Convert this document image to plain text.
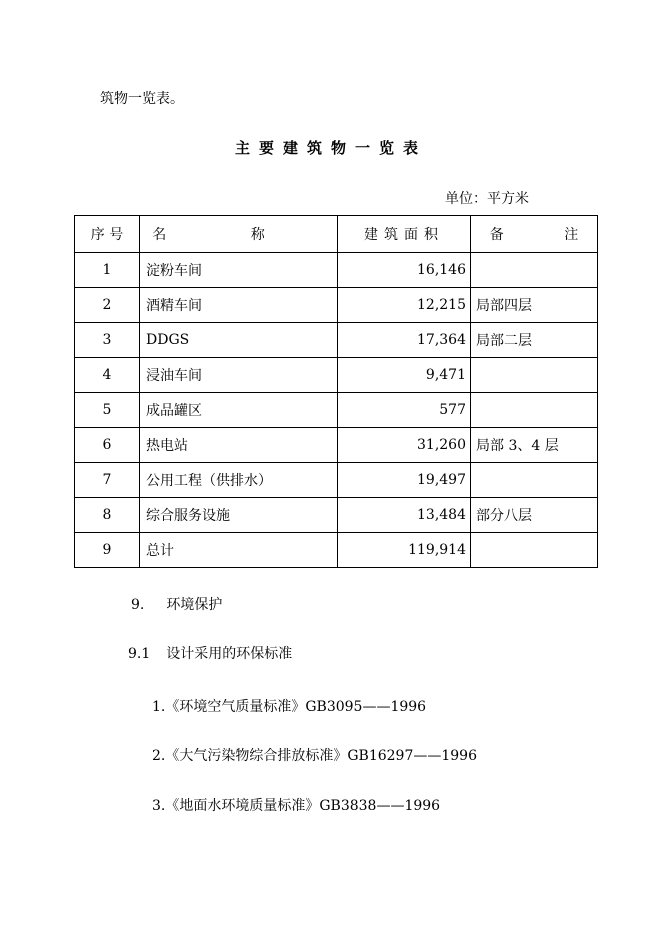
筑物一览表。
主要建筑物一览表
单位：平方米
序 号	名 称	建筑面积	备 注
1	淀粉车间	16,146	
2	酒精车间	12,215	局部四层
3	DDGS	17,364	局部二层
4	浸油车间	9,471	
5	成品罐区	577	
6	热电站	31,260	局部 3、4 层
7	公用工程（供排水）	19,497	
8	综合服务设施	13,484	部分八层
9	总计	119,914	
9. 环境保护
9.1 设计采用的环保标准
1.《环境空气质量标准》GB3095——1996
2.《大气污染物综合排放标准》GB16297——1996
3.《地面水环境质量标准》GB3838——1996
